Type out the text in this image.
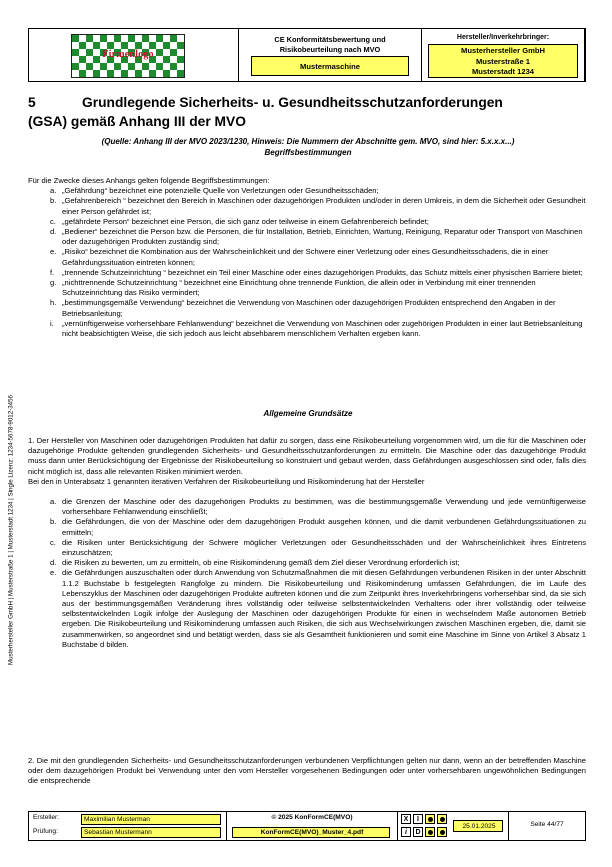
Firmenlogo
CE Konformitätsbewertung und
Risikobeurteilung nach MVO
Mustermaschine
Hersteller/Inverkehrbringer:
Musterhersteller GmbH
Musterstraße 1
Musterstadt 1234
Musterhersteller GmbH | Musterstraße 1 | Musterstadt 1234 | Single Lizenz: 1234-5678-9012-3456
5	Grundlegende Sicherheits- u. Gesundheitsschutzanforderungen
(GSA) gemäß Anhang III der MVO
(Quelle: Anhang III der MVO 2023/1230, Hinweis: Die Nummern der Abschnitte gem. MVO, sind hier: 5.x.x.x...)
Begriffsbestimmungen
Für die Zwecke dieses Anhangs gelten folgende Begriffsbestimmungen:
a. „Gefährdung“ bezeichnet eine potenzielle Quelle von Verletzungen oder Gesundheitsschäden;
b. „Gefahrenbereich “ bezeichnet den Bereich in Maschinen oder dazugehörigen Produkten und/oder in deren Umkreis, in dem die Sicherheit oder Gesundheit einer Person gefährdet ist;
c. „gefährdete Person“ bezeichnet eine Person, die sich ganz oder teilweise in einem Gefahrenbereich befindet;
d. „Bediener“ bezeichnet die Person bzw. die Personen, die für Installation, Betrieb, Einrichten, Wartung, Reinigung, Reparatur oder Transport von Maschinen oder dazugehörigen Produkten zuständig sind;
e. „Risiko“ bezeichnet die Kombination aus der Wahrscheinlichkeit und der Schwere einer Verletzung oder eines Gesundheitsschadens, die in einer Gefährdungssituation eintreten können;
f. „trennende Schutzeinrichtung “ bezeichnet ein Teil einer Maschine oder eines dazugehörigen Produkts, das Schutz mittels einer physischen Barriere bietet;
g. „nichttrennende Schutzeinrichtung “ bezeichnet eine Einrichtung ohne trennende Funktion, die allein oder in Verbindung mit einer trennenden Schutzeinrichtung das Risiko vermindert;
h. „bestimmungsgemäße Verwendung“ bezeichnet die Verwendung von Maschinen oder dazugehörigen Produkten entsprechend den Angaben in der Betriebsanleitung;
i. „vernünftigerweise vorhersehbare Fehlanwendung“ bezeichnet die Verwendung von Maschinen oder zugehörigen Produkten in einer laut Betriebsanleitung nicht beabsichtigten Weise, die sich jedoch aus leicht absehbarem menschlichem Verhalten ergeben kann.
Allgemeine Grundsätze
1. Der Hersteller von Maschinen oder dazugehörigen Produkten hat dafür zu sorgen, dass eine Risikobeurteilung vorgenommen wird, um die für die Maschinen oder dazugehörige Produkte geltenden grundlegenden Sicherheits- und Gesundheitsschutzanforderungen zu ermitteln. Die Maschine oder das dazugehörige Produkt muss dann unter Berücksichtigung der Ergebnisse der Risikobeurteilung so konstruiert und gebaut werden, dass Gefährdungen ausgeschlossen sind oder, falls dies nicht möglich ist, dass alle relevanten Risiken minimiert werden.
Bei den in Unterabsatz 1 genannten iterativen Verfahren der Risikobeurteilung und Risikominderung hat der Hersteller
a. die Grenzen der Maschine oder des dazugehörigen Produkts zu bestimmen, was die bestimmungsgemäße Verwendung und jede vernünftigerweise vorhersehbare Fehlanwendung einschließt;
b. die Gefährdungen, die von der Maschine oder dem dazugehörigen Produkt ausgehen können, und die damit verbundenen Gefährdungssituationen zu ermitteln;
c. die Risiken unter Berücksichtigung der Schwere möglicher Verletzungen oder Gesundheitsschäden und der Wahrscheinlichkeit ihres Eintretens einzuschätzen;
d. die Risiken zu bewerten, um zu ermitteln, ob eine Risikominderung gemäß dem Ziel dieser Verordnung erforderlich ist;
e. die Gefährdungen auszuschalten oder durch Anwendung von Schutzmaßnahmen die mit diesen Gefährdungen verbundenen Risiken in der unter Abschnitt 1.1.2 Buchstabe b festgelegten Rangfolge zu mindern. Die Risikobeurteilung und Risikominderung umfassen Gefährdungen, die im Laufe des Lebenszyklus der Maschinen oder dazugehörigen Produkte auftreten können und die zum Zeitpunkt ihres Inverkehrbringens vorhersehbar sind, da sie sich aus der bestimmungsgemäßen Veränderung ihres vollständig oder teilweise selbstentwickelnden Verhaltens oder ihrer vollständig oder teilweise selbstentwickelnden Logik infolge der Auslegung der Maschinen oder dazugehörigen Produkte für einen in wechselndem Maße autonomen Betrieb ergeben. Die Risikobeurteilung und Risikominderung umfassen auch Risiken, die sich aus Wechselwirkungen zwischen Maschinen ergeben, die, damit sie zusammenwirken, so angeordnet sind und betätigt werden, dass sie als Gesamtheit funktionieren und somit eine Maschine im Sinne von Artikel 3 Absatz 1 Buchstabe d bilden.
2. Die mit den grundlegenden Sicherheits- und Gesundheitsschutzanforderungen verbundenen Verpflichtungen gelten nur dann, wenn an der betreffenden Maschine oder dem dazugehörigen Produkt bei Verwendung unter den vom Hersteller vorgesehenen Bedingungen oder unter vorhersehbaren ungewöhnlichen Bedingungen die entsprechende
Ersteller:	Maximilian Musterman
Prüfung:	Sebastian Mustermann
© 2025 KonFormCE(MVO)
KonFormCE(MVO)_Muster_4.pdf
X	I
i	D
25.01.2025	Seite 44/77
